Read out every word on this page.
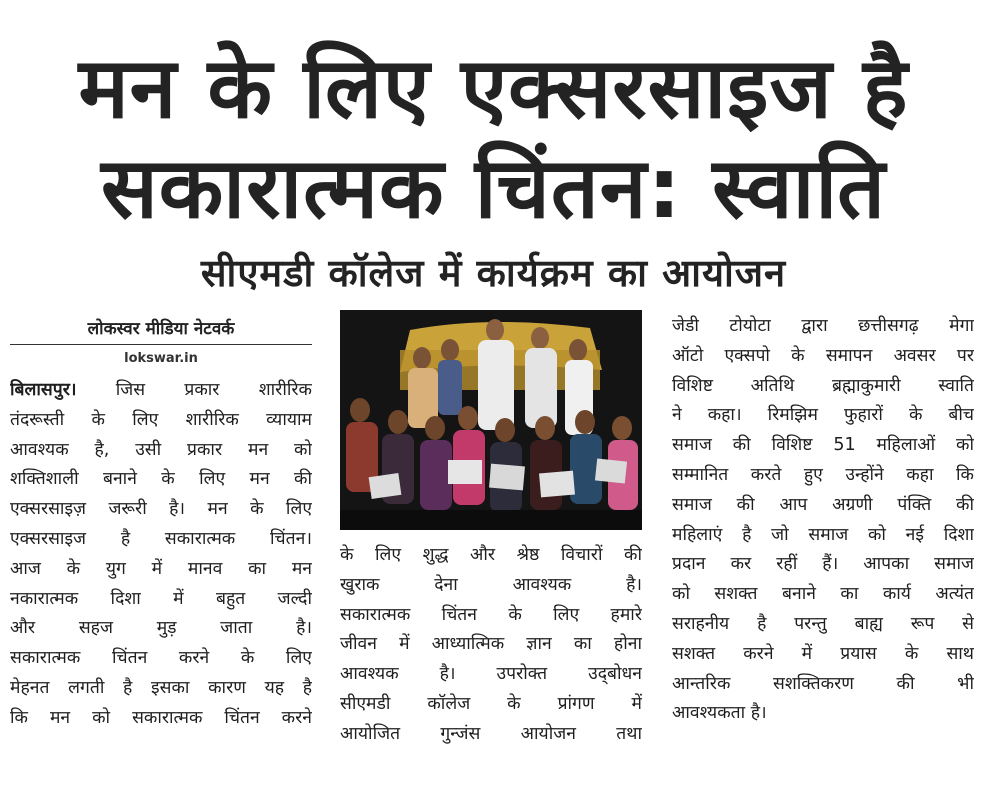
मन के लिए एक्सरसाइज है
सकारात्मक चिंतन: स्वाति
सीएमडी कॉलेज में कार्यक्रम का आयोजन
लोकस्वर मीडिया नेटवर्क
lokswar.in
बिलासपुर। जिस प्रकार शारीरिक
तंदरूस्ती के लिए शारीरिक व्यायाम
आवश्यक है, उसी प्रकार मन को
शक्तिशाली बनाने के लिए मन की
एक्सरसाइज़ जरूरी है। मन के लिए
एक्सरसाइज है सकारात्मक चिंतन।
आज के युग में मानव का मन
नकारात्मक दिशा में बहुत जल्दी
और सहज मुड़ जाता है।
सकारात्मक चिंतन करने के लिए
मेहनत लगती है इसका कारण यह है
कि मन को सकारात्मक चिंतन करने
के लिए शुद्ध और श्रेष्ठ विचारों की
खुराक देना आवश्यक है।
सकारात्मक चिंतन के लिए हमारे
जीवन में आध्यात्मिक ज्ञान का होना
आवश्यक है। उपरोक्त उद्‍बोधन
सीएमडी कॉलेज के प्रांगण में
आयोजित गुन्जंस आयोजन तथा
जेडी टोयोटा द्वारा छत्तीसगढ़ मेगा
ऑटो एक्सपो के समापन अवसर पर
विशिष्ट अतिथि ब्रह्माकुमारी स्वाति
ने कहा। रिमझिम फुहारों के बीच
समाज की विशिष्ट 51 महिलाओं को
सम्मानित करते हुए उन्होंने कहा कि
समाज की आप अग्रणी पंक्ति की
महिलाएं है जो समाज को नई दिशा
प्रदान कर रहीं हैं। आपका समाज
को सशक्त बनाने का कार्य अत्यंत
सराहनीय है परन्तु बाह्य रूप से
सशक्त करने में प्रयास के साथ
आन्तरिक सशक्तिकरण की भी
आवश्यकता है।
